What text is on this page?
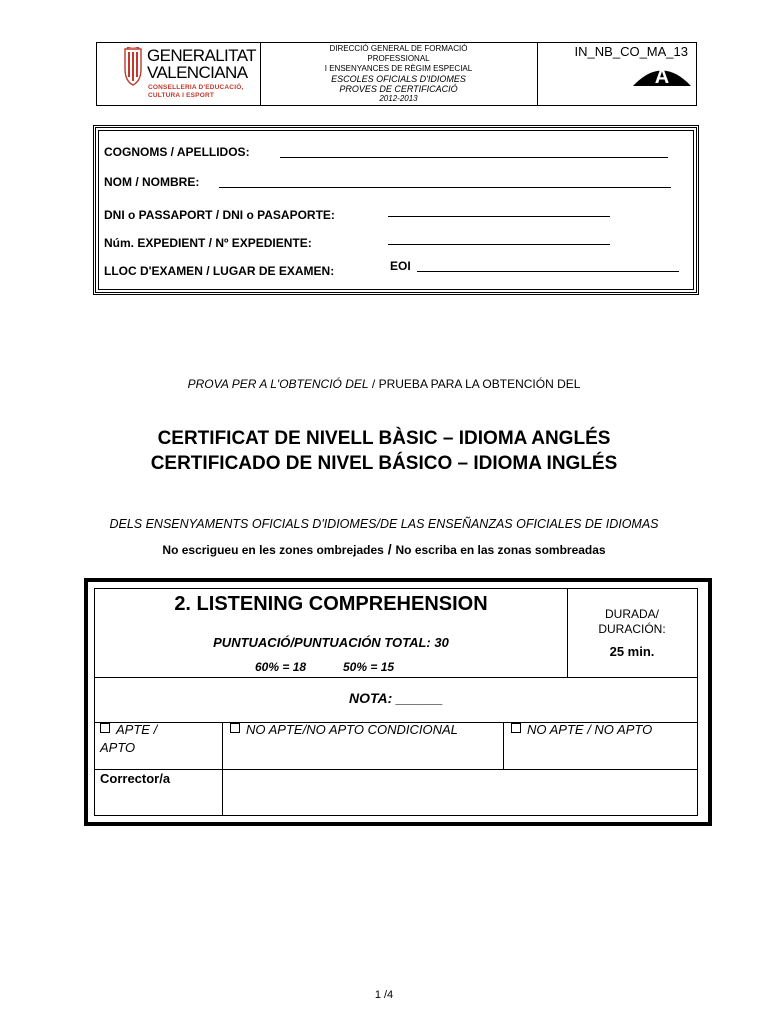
GENERALITAT
VALENCIANA
CONSELLERIA D'EDUCACIÓ,
CULTURA I ESPORT
DIRECCIÓ GENERAL DE FORMACIÓ
PROFESSIONAL
I ENSENYANCES DE RÈGIM ESPECIAL
ESCOLES OFICIALS D'IDIOMES
PROVES DE CERTIFICACIÓ
2012-2013
IN_NB_CO_MA_13
A
COGNOMS / APELLIDOS:
NOM / NOMBRE:
DNI o PASSAPORT / DNI o PASAPORTE:
Núm. EXPEDIENT / Nº EXPEDIENTE:
LLOC D'EXAMEN / LUGAR DE EXAMEN:	EOI
PROVA PER A L'OBTENCIÓ DEL / PRUEBA PARA LA OBTENCIÓN DEL
CERTIFICAT DE NIVELL BÀSIC – IDIOMA ANGLÉS
CERTIFICADO DE NIVEL BÁSICO – IDIOMA INGLÉS
DELS ENSENYAMENTS OFICIALS D'IDIOMES/DE LAS ENSEÑANZAS OFICIALES DE IDIOMAS
No escrigueu en les zones ombrejades / No escriba en las zonas sombreadas
2. LISTENING COMPREHENSION
PUNTUACIÓ/PUNTUACIÓN TOTAL: 30
60% = 18	50% = 15
DURADA/
DURACIÓN:
25 min.
NOTA: ______
APTE /
APTO
NO APTE/NO APTO CONDICIONAL	NO APTE / NO APTO
Corrector/a
1 /4
